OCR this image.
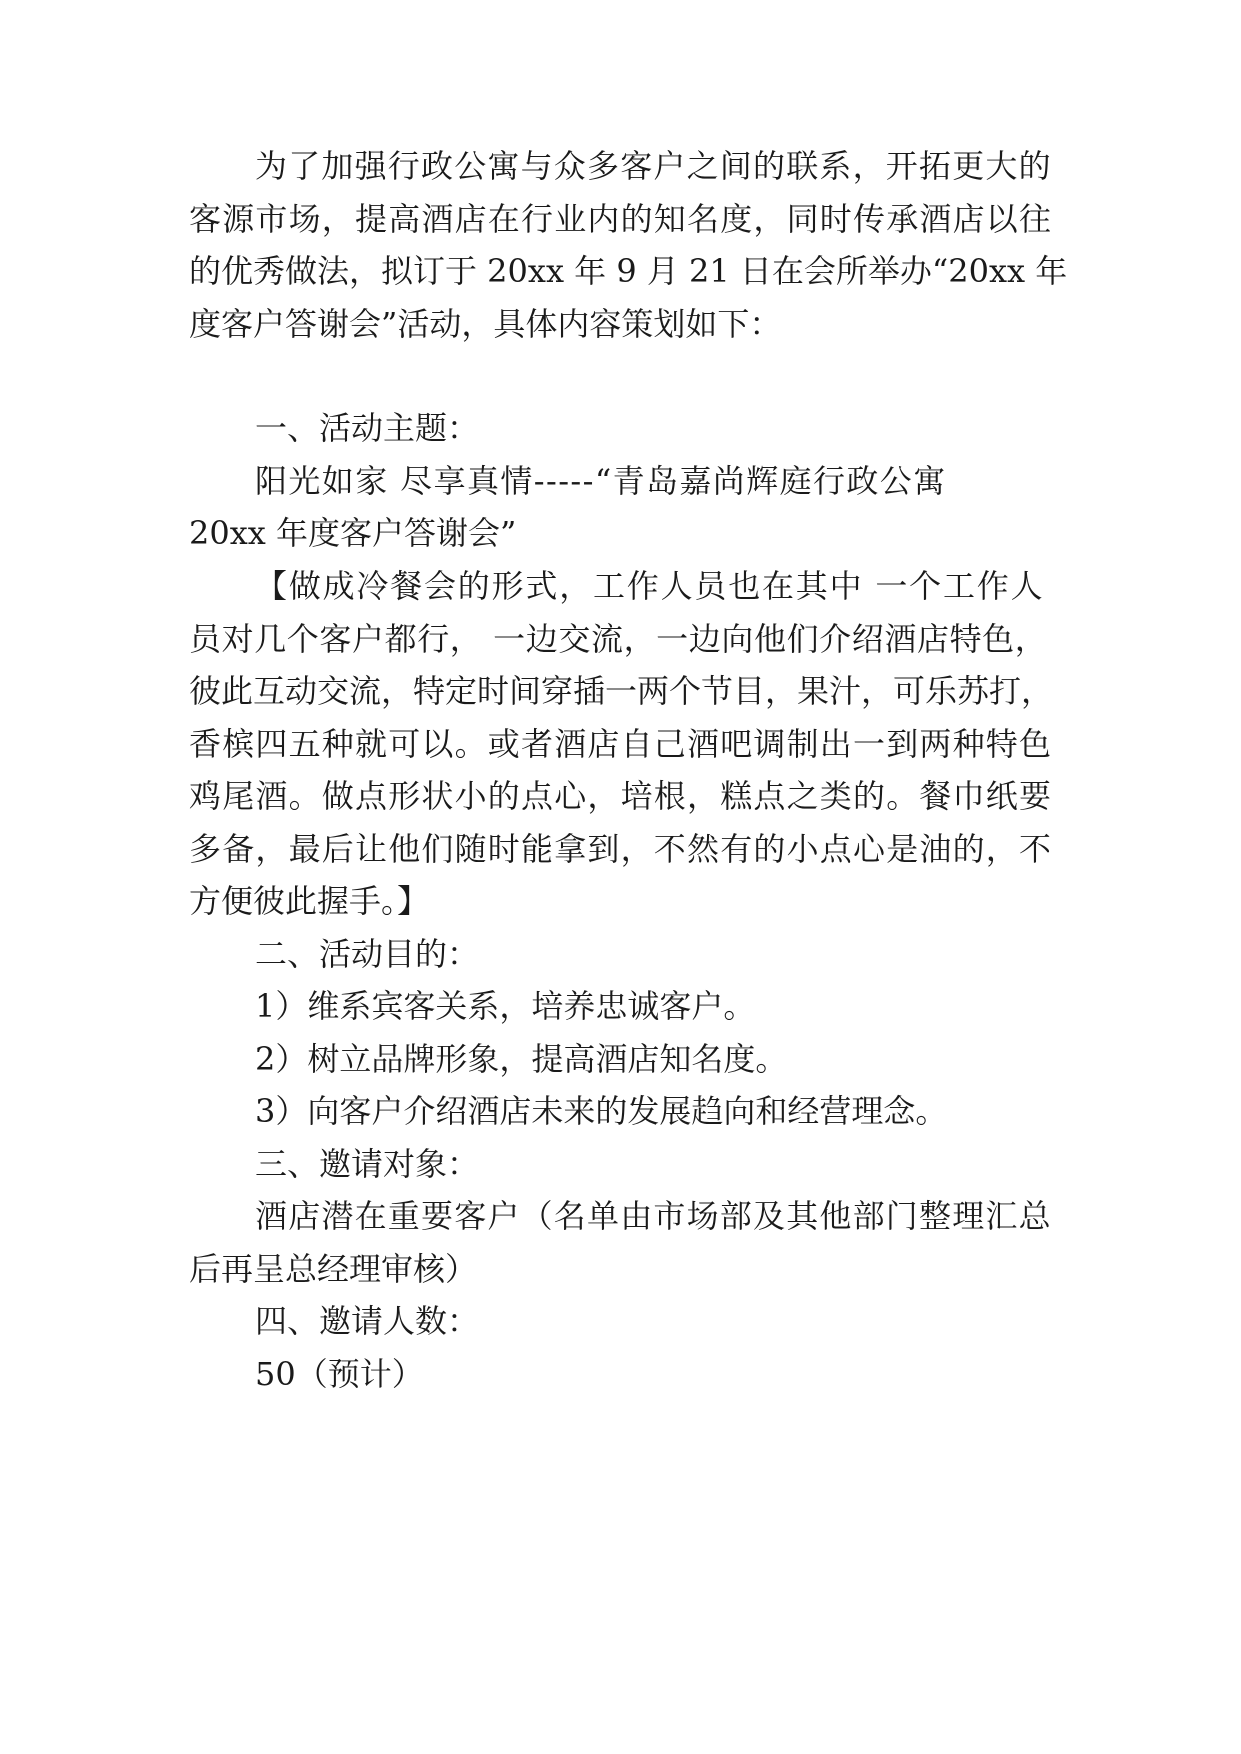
为了加强行政公寓与众多客户之间的联系，开拓更大的

客源市场，提高酒店在行业内的知名度，同时传承酒店以往

的优秀做法，拟订于 20xx 年 9 月 21 日在会所举办“20xx 年

度客户答谢会”活动，具体内容策划如下：

一、活动主题：

阳光如家 尽享真情-----“青岛嘉尚辉庭行政公寓

20xx 年度客户答谢会”

【做成冷餐会的形式，工作人员也在其中 一个工作人

员对几个客户都行， 一边交流，一边向他们介绍酒店特色，

彼此互动交流，特定时间穿插一两个节目，果汁，可乐苏打，

香槟四五种就可以。或者酒店自己酒吧调制出一到两种特色

鸡尾酒。做点形状小的点心，培根，糕点之类的。餐巾纸要

多备，最后让他们随时能拿到，不然有的小点心是油的，不

方便彼此握手。】

二、活动目的：

1）维系宾客关系，培养忠诚客户。

2）树立品牌形象，提高酒店知名度。

3）向客户介绍酒店未来的发展趋向和经营理念。

三、邀请对象：

酒店潜在重要客户（名单由市场部及其他部门整理汇总

后再呈总经理审核）

四、邀请人数：

50（预计）
